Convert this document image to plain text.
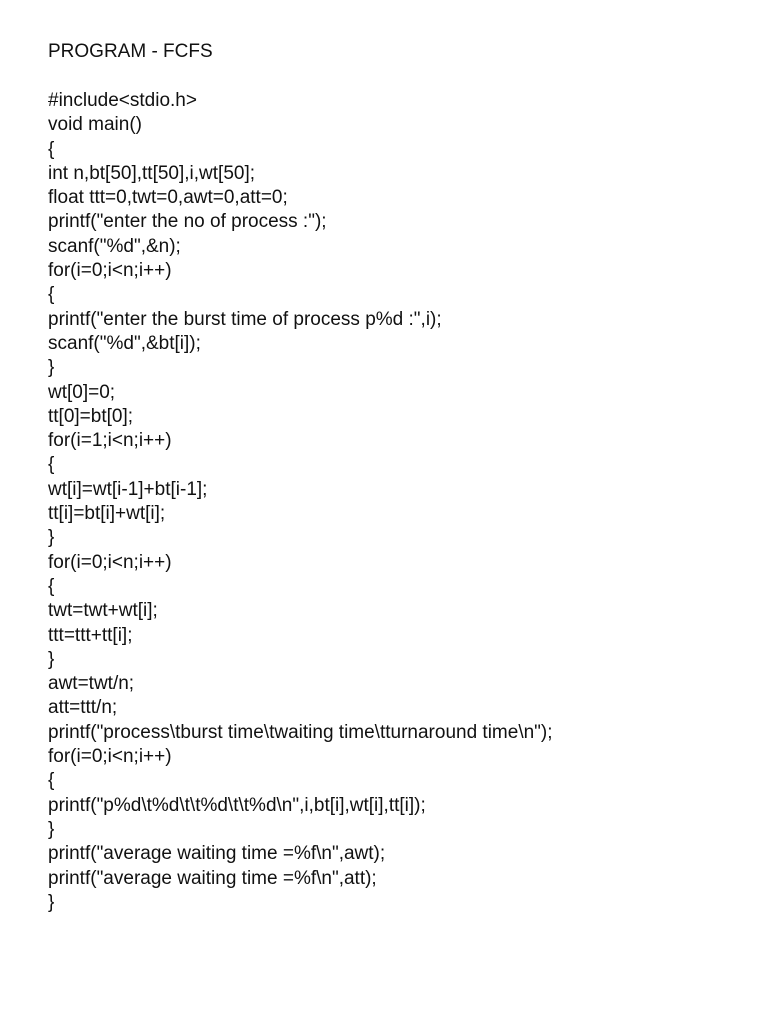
PROGRAM - FCFS
#include<stdio.h>
void main()
{
int n,bt[50],tt[50],i,wt[50];
float ttt=0,twt=0,awt=0,att=0;
printf("enter the no of process :");
scanf("%d",&n);
for(i=0;i<n;i++)
{
printf("enter the burst time of process p%d :",i);
scanf("%d",&bt[i]);
}
wt[0]=0;
tt[0]=bt[0];
for(i=1;i<n;i++)
{
wt[i]=wt[i-1]+bt[i-1];
tt[i]=bt[i]+wt[i];
}
for(i=0;i<n;i++)
{
twt=twt+wt[i];
ttt=ttt+tt[i];
}
awt=twt/n;
att=ttt/n;
printf("process\tburst time\twaiting time\tturnaround time\n");
for(i=0;i<n;i++)
{
printf("p%d\t%d\t\t%d\t\t%d\n",i,bt[i],wt[i],tt[i]);
}
printf("average waiting time =%f\n",awt);
printf("average waiting time =%f\n",att);
}
